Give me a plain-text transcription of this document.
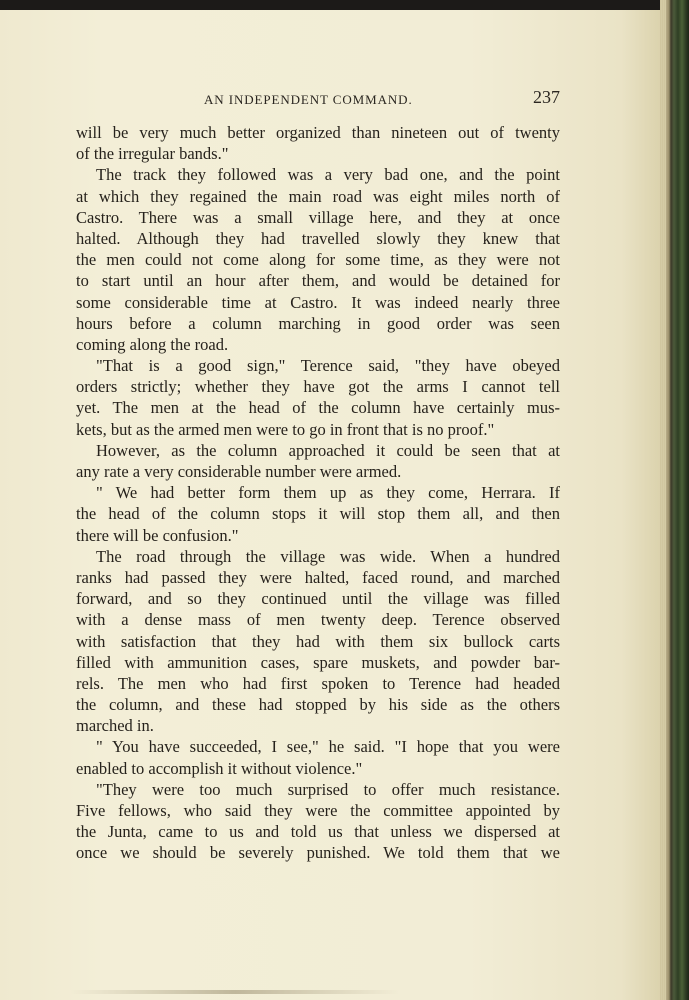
AN INDEPENDENT COMMAND.	237
will be very much better organized than nineteen out of twenty
of the irregular bands."
The track they followed was a very bad one, and the point
at which they regained the main road was eight miles north of
Castro. There was a small village here, and they at once
halted. Although they had travelled slowly they knew that
the men could not come along for some time, as they were not
to start until an hour after them, and would be detained for
some considerable time at Castro. It was indeed nearly three
hours before a column marching in good order was seen
coming along the road.
"That is a good sign," Terence said, "they have obeyed
orders strictly; whether they have got the arms I cannot tell
yet. The men at the head of the column have certainly mus-
kets, but as the armed men were to go in front that is no proof."
However, as the column approached it could be seen that at
any rate a very considerable number were armed.
" We had better form them up as they come, Herrara. If
the head of the column stops it will stop them all, and then
there will be confusion."
The road through the village was wide. When a hundred
ranks had passed they were halted, faced round, and marched
forward, and so they continued until the village was filled
with a dense mass of men twenty deep. Terence observed
with satisfaction that they had with them six bullock carts
filled with ammunition cases, spare muskets, and powder bar-
rels. The men who had first spoken to Terence had headed
the column, and these had stopped by his side as the others
marched in.
" You have succeeded, I see," he said. "I hope that you were
enabled to accomplish it without violence."
"They were too much surprised to offer much resistance.
Five fellows, who said they were the committee appointed by
the Junta, came to us and told us that unless we dispersed at
once we should be severely punished. We told them that we
